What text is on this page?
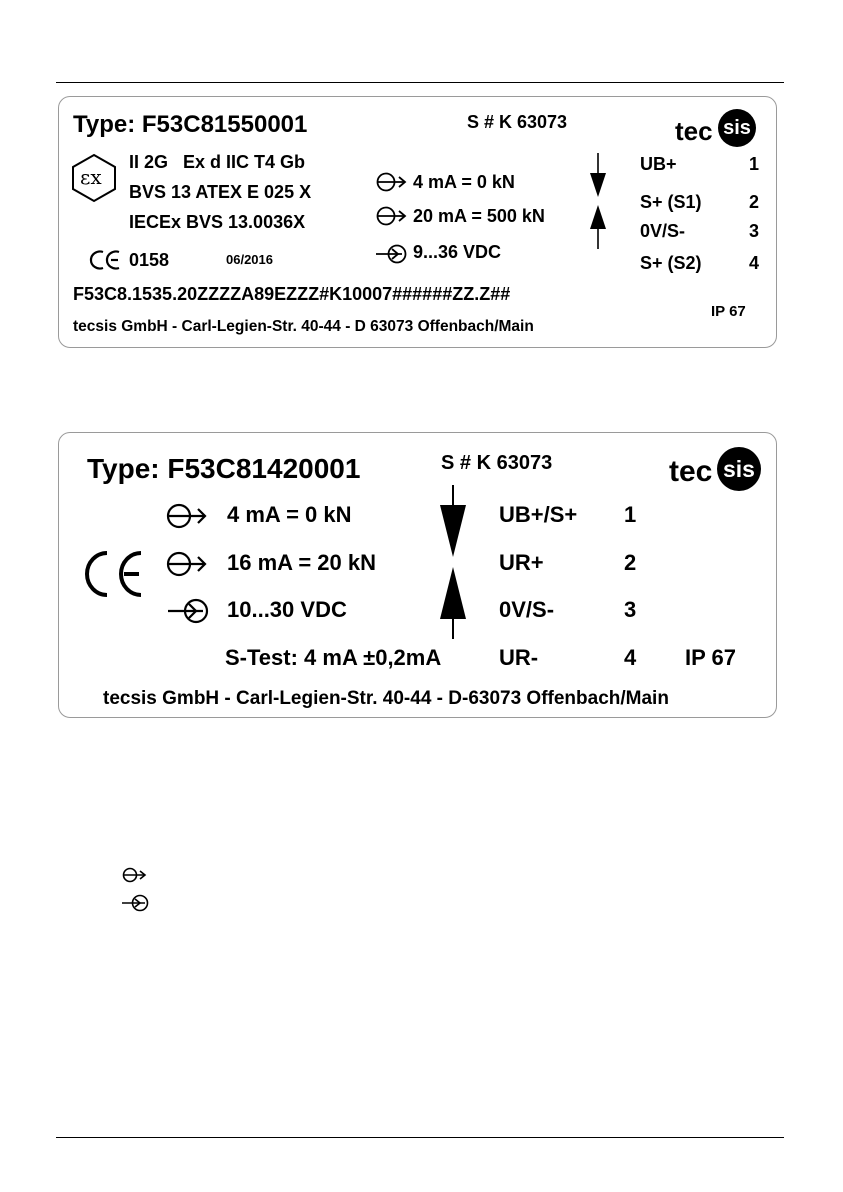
Type: F53C81550001	S # K 63073	tec sis
εx
II 2G   Ex d IIC T4 Gb
BVS 13 ATEX E 025 X
IECEx BVS 13.0036X
0158	06/2016
4 mA = 0 kN
20 mA = 500 kN
9...36 VDC
UB+	1
S+ (S1)	2
0V/S-	3
S+ (S2)	4
F53C8.1535.20ZZZZA89EZZZ#K10007######ZZ.Z##
IP 67
tecsis GmbH - Carl-Legien-Str. 40-44 - D 63073 Offenbach/Main
Type: F53C81420001	S # K 63073	tec sis
4 mA = 0 kN
16 mA = 20 kN
10...30 VDC
S-Test: 4 mA ±0,2mA
UB+/S+ 1
UR+	2
0V/S-	3
UR-	4 IP 67
tecsis GmbH - Carl-Legien-Str. 40-44 - D-63073 Offenbach/Main
